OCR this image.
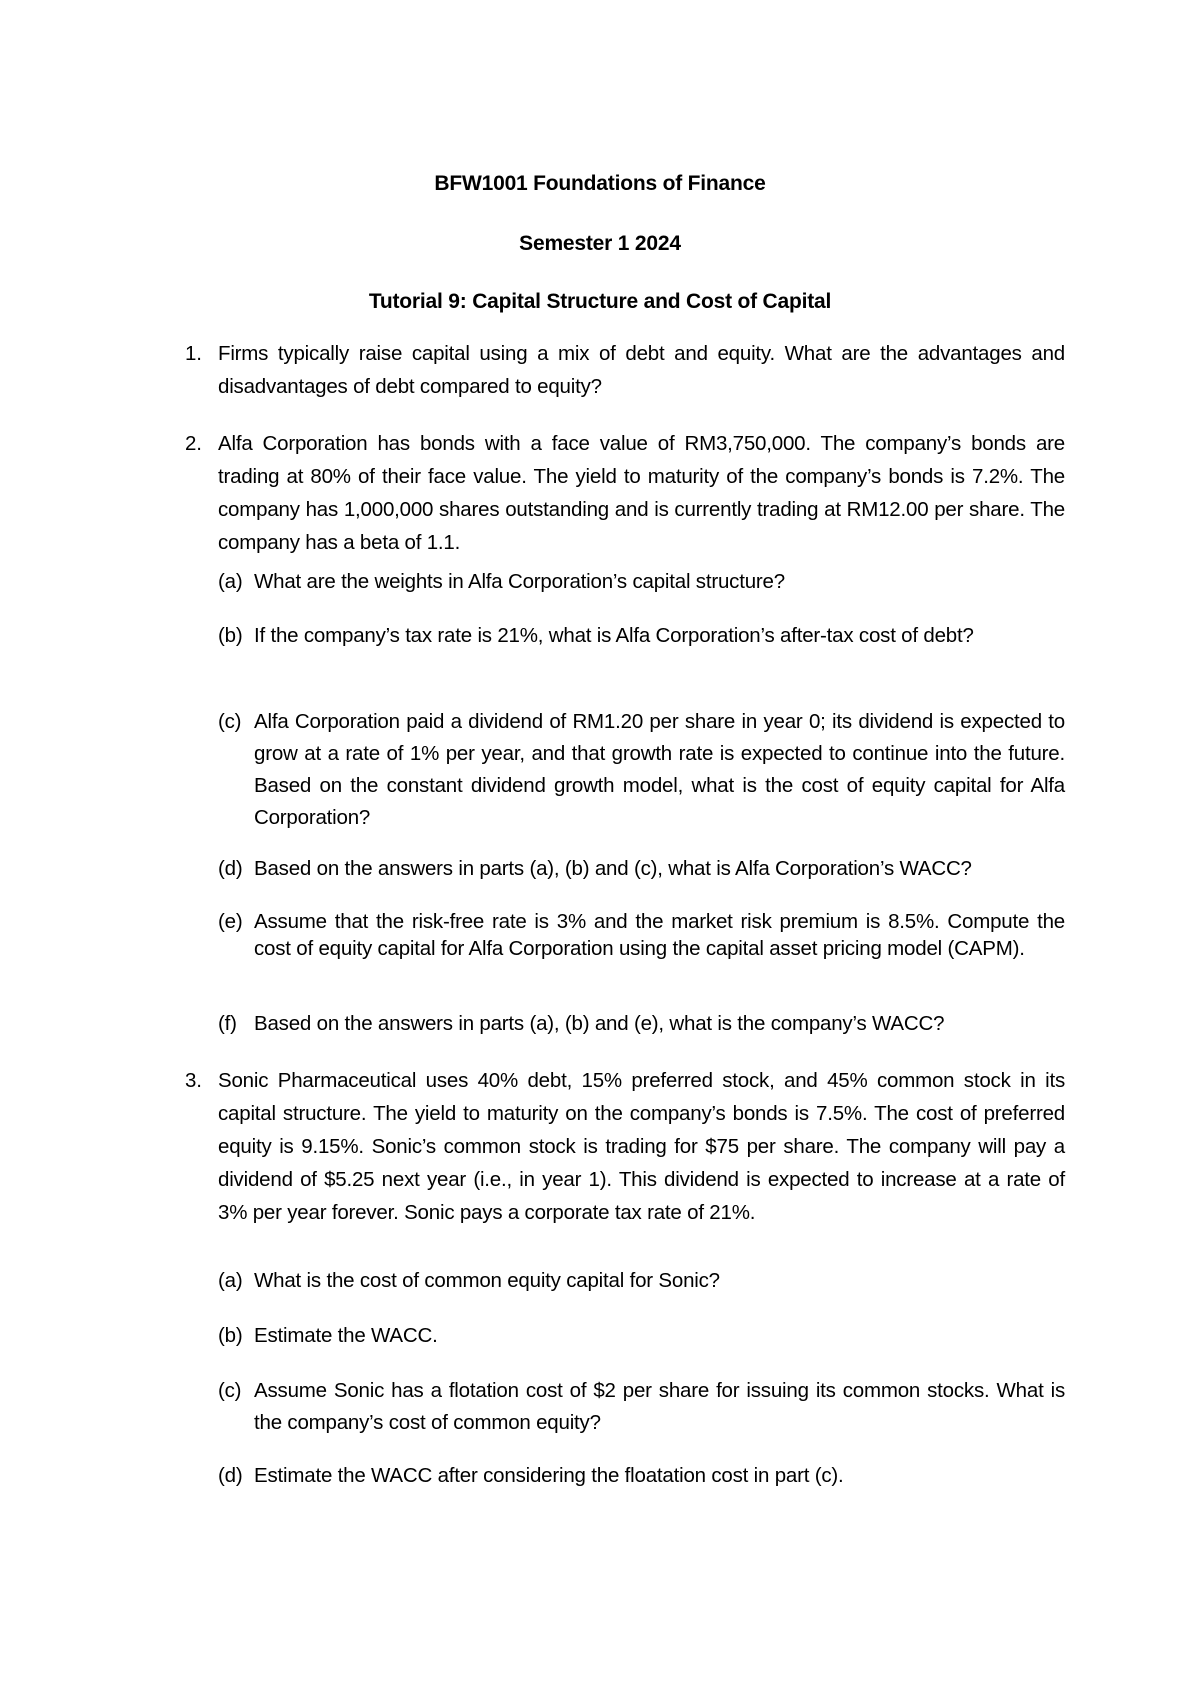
BFW1001 Foundations of Finance
Semester 1 2024
Tutorial 9: Capital Structure and Cost of Capital
1. Firms typically raise capital using a mix of debt and equity. What are the advantages and disadvantages of debt compared to equity?
2. Alfa Corporation has bonds with a face value of RM3,750,000. The company’s bonds are trading at 80% of their face value. The yield to maturity of the company’s bonds is 7.2%. The company has 1,000,000 shares outstanding and is currently trading at RM12.00 per share. The company has a beta of 1.1.
(a) What are the weights in Alfa Corporation’s capital structure?
(b) If the company’s tax rate is 21%, what is Alfa Corporation’s after-tax cost of debt?
(c) Alfa Corporation paid a dividend of RM1.20 per share in year 0; its dividend is expected to grow at a rate of 1% per year, and that growth rate is expected to continue into the future. Based on the constant dividend growth model, what is the cost of equity capital for Alfa Corporation?
(d) Based on the answers in parts (a), (b) and (c), what is Alfa Corporation’s WACC?
(e) Assume that the risk-free rate is 3% and the market risk premium is 8.5%. Compute the cost of equity capital for Alfa Corporation using the capital asset pricing model (CAPM).
(f) Based on the answers in parts (a), (b) and (e), what is the company’s WACC?
3. Sonic Pharmaceutical uses 40% debt, 15% preferred stock, and 45% common stock in its capital structure. The yield to maturity on the company’s bonds is 7.5%. The cost of preferred equity is 9.15%. Sonic’s common stock is trading for $75 per share. The company will pay a dividend of $5.25 next year (i.e., in year 1). This dividend is expected to increase at a rate of 3% per year forever. Sonic pays a corporate tax rate of 21%.
(a) What is the cost of common equity capital for Sonic?
(b) Estimate the WACC.
(c) Assume Sonic has a flotation cost of $2 per share for issuing its common stocks. What is the company’s cost of common equity?
(d) Estimate the WACC after considering the floatation cost in part (c).
